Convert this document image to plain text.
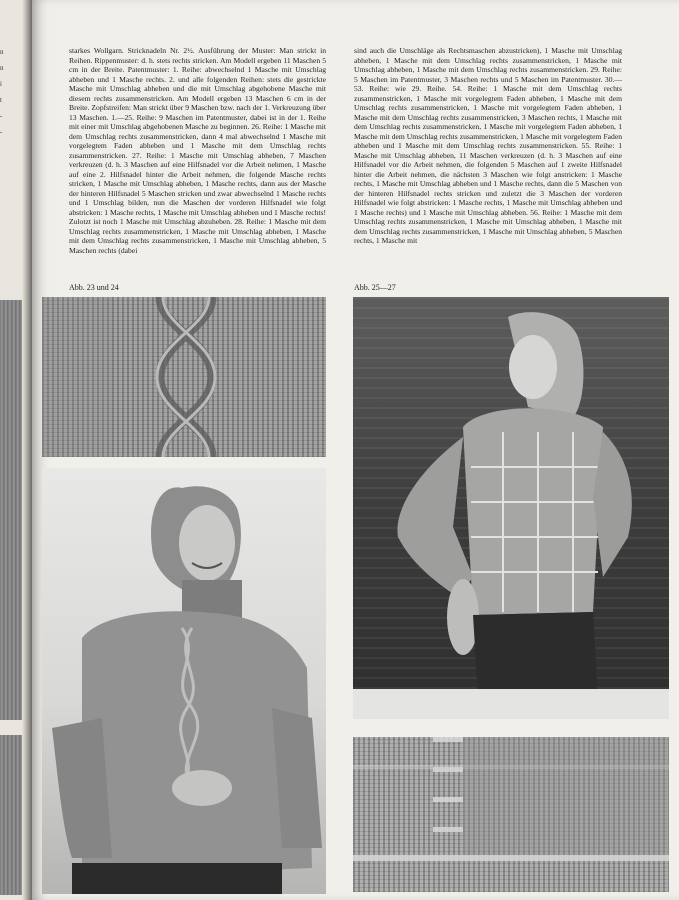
n
n
i
t
-
-

starkes Wollgarn. Stricknadeln Nr. 2½. Ausführung der Muster: Man strickt in Reihen. Rippenmuster: d. h. stets rechts stricken. Am Modell ergeben 11 Maschen 5 cm in der Breite. Patentmuster: 1. Reihe: abwechselnd 1 Masche mit Umschlag abheben und 1 Masche rechts. 2. und alle folgenden Reihen: stets die gestrickte Masche mit Umschlag abheben und die mit Umschlag abgehobene Masche mit diesem rechts zusammenstricken. Am Modell ergeben 13 Maschen 6 cm in der Breite. Zopfstreifen: Man strickt über 9 Maschen bzw. nach der 1. Verkreuzung über 13 Maschen. 1.—25. Reihe: 9 Maschen im Patentmuster, dabei ist in der 1. Reihe mit einer mit Umschlag abgehobenen Masche zu beginnen. 26. Reihe: 1 Masche mit dem Umschlag rechts zusammenstricken, dann 4 mal abwechselnd 1 Masche mit vorgelegtem Faden abheben und 1 Masche mit dem Umschlag rechts zusammenstricken. 27. Reihe: 1 Masche mit Umschlag abheben, 7 Maschen verkreuzen (d. h. 3 Maschen auf eine Hilfsnadel vor die Arbeit nehmen, 1 Masche auf eine 2. Hilfsnadel hinter die Arbeit nehmen, die folgende Masche rechts stricken, 1 Masche mit Umschlag abheben, 1 Masche rechts, dann aus der Masche der hinteren Hilfsnadel 5 Maschen stricken und zwar abwechselnd 1 Masche rechts und 1 Umschlag bilden, nun die Maschen der vorderen Hilfsnadel wie folgt abstricken: 1 Masche rechts, 1 Masche mit Umschlag abheben und 1 Masche rechts! Zulotzt ist noch 1 Masche mit Umschlag abzuheben. 28. Reihe: 1 Masche mit dem Umschlag rechts zusammenstricken, 1 Masche mit Umschlag abheben, 1 Masche mit dem Umschlag rechts zusammenstricken, 1 Masche mit Umschlag abheben, 5 Maschen rechts (dabei

sind auch die Umschläge als Rechtsmaschen abzustricken), 1 Masche mit Umschlag abheben, 1 Masche mit dem Umschlag rechts zusammenstricken, 1 Masche mit Umschlag abheben, 1 Masche mit dem Umschlag rechts zusammenstricken. 29. Reihe: 5 Maschen im Patentmuster, 3 Maschen rechts und 5 Maschen im Patentmuster. 30.—53. Reihe: wie 29. Reihe. 54. Reihe: 1 Masche mit dem Umschlag rechts zusammenstricken, 1 Masche mit vorgelegtem Faden abheben, 1 Masche mit dem Umschlag rechts zusammenstricken, 1 Masche mit vorgelegtem Faden abheben, 1 Masche mit dem Umschlag rechts zusammenstricken, 3 Maschen rechts, 1 Masche mit dem Umschlag rechts zusammenstricken, 1 Masche mit vorgelegtem Faden abheben, 1 Masche mit dem Umschlag rechts zusammenstricken, 1 Masche mit vorgelegtem Faden abheben und 1 Masche mit dem Umschlag rechts zusammenstricken. 55. Reihe: 1 Masche mit Umschlag abheben, 11 Maschen verkreuzen (d. h. 3 Maschen auf eine Hilfsnadel vor die Arbeit nehmen, die folgenden 5 Maschen auf 1 zweite Hilfsnadel hinter die Arbeit nehmen, die nächsten 3 Maschen wie folgt anstricken: 1 Masche rechts, 1 Masche mit Umschlag abheben und 1 Masche rechts, dann die 5 Maschen von der hinteren Hilfsnadel rechts stricken und zuletzt die 3 Maschen der vorderen Hilfsnadel wie folgt abstricken: 1 Masche rechts, 1 Masche mit Umschlag abheben und 1 Masche rechts) und 1 Masche mit Umschlag abheben. 56. Reihe: 1 Masche mit dem Umschlag rechts zusammenstricken, 1 Masche mit Umschlag abheben, 1 Masche mit dem Umschlag rechts zusammenstricken, 1 Masche mit Umschlag abheben, 5 Maschen rechts, 1 Masche mit

Abb. 23 und 24	Abb. 25—27
